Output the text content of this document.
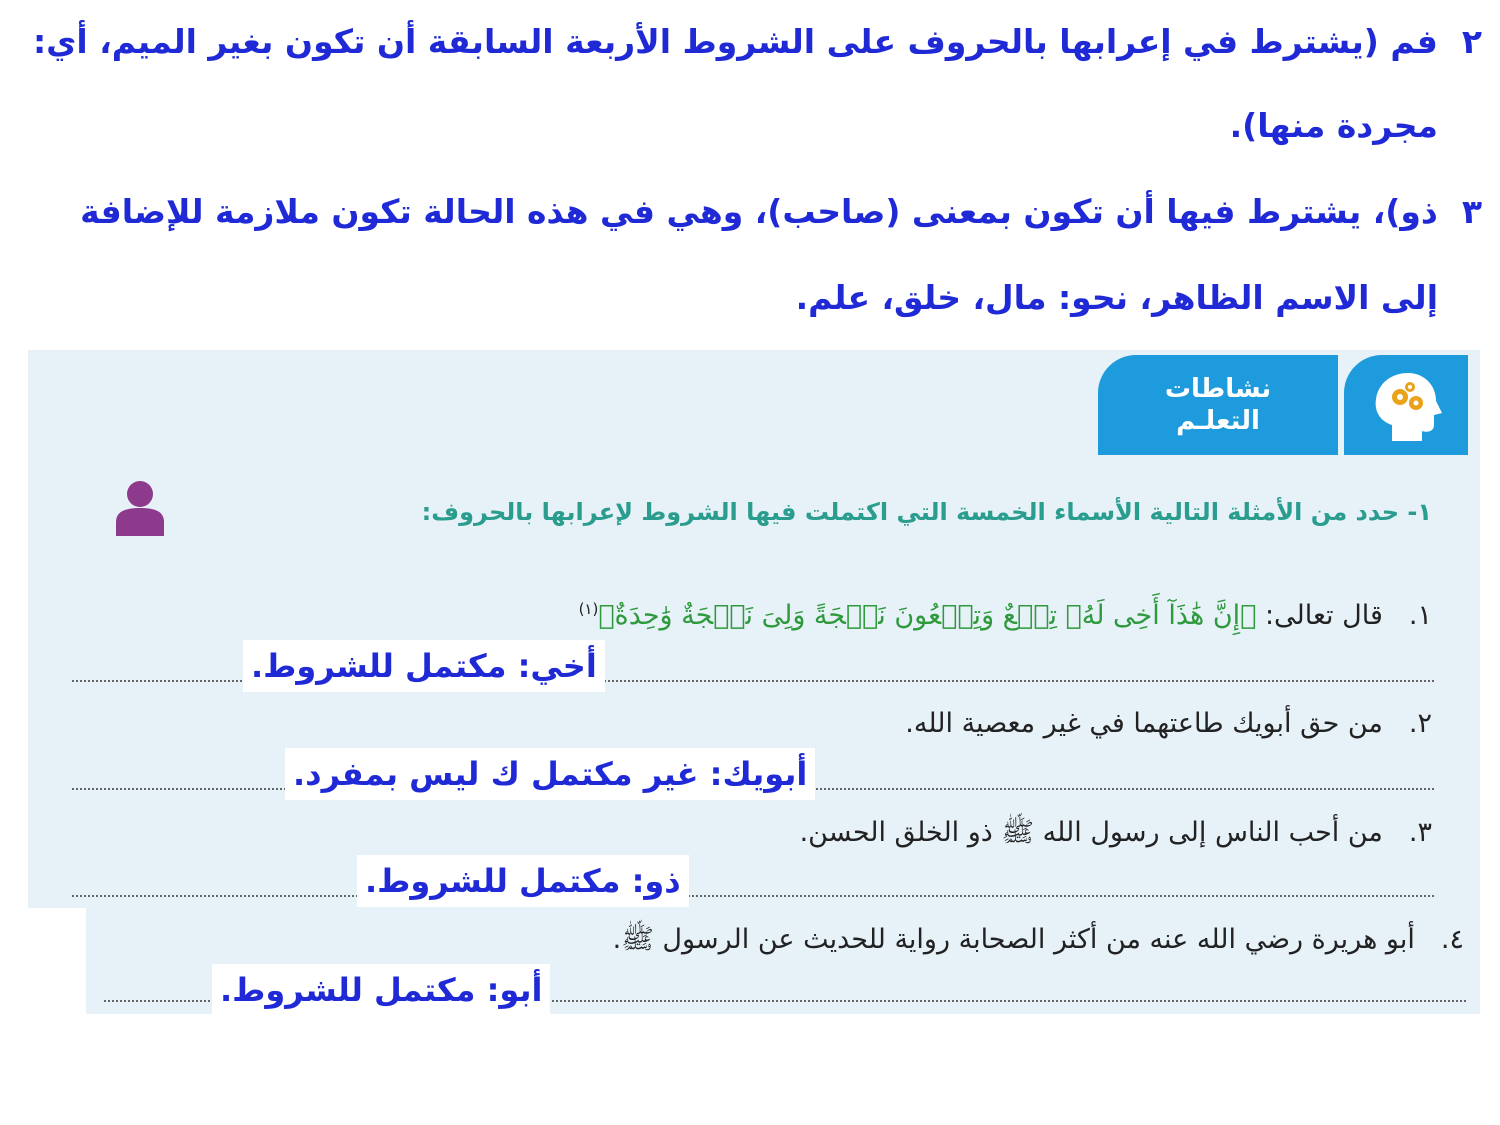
٢فم (يشترط في إعرابها بالحروف على الشروط الأربعة السابقة أن تكون بغير الميم، أي:
مجردة منها).
٣ذو)، يشترط فيها أن تكون بمعنى (صاحب)، وهي في هذه الحالة تكون ملازمة للإضافة
إلى الاسم الظاهر، نحو: مال، خلق، علم.
نشاطات
التعلـم
١- حدد من الأمثلة التالية الأسماء الخمسة التي اكتملت فيها الشروط لإعرابها بالحروف:
١.قال تعالى: ﴿إِنَّ هَٰذَآ أَخِى لَهُۥ تِسۡعٌ وَتِسۡعُونَ نَعۡجَةً وَلِىَ نَعۡجَةٌ وَٰحِدَةٌ﴾$^{(١)}$
أخي: مكتمل للشروط.
٢.من حق أبويك طاعتهما في غير معصية الله.
أبويك: غير مكتمل ك ليس بمفرد.
٣.من أحب الناس إلى رسول الله ﷺ ذو الخلق الحسن.
ذو: مكتمل للشروط.
٤.أبو هريرة رضي الله عنه من أكثر الصحابة رواية للحديث عن الرسول ﷺ.
أبو: مكتمل للشروط.
